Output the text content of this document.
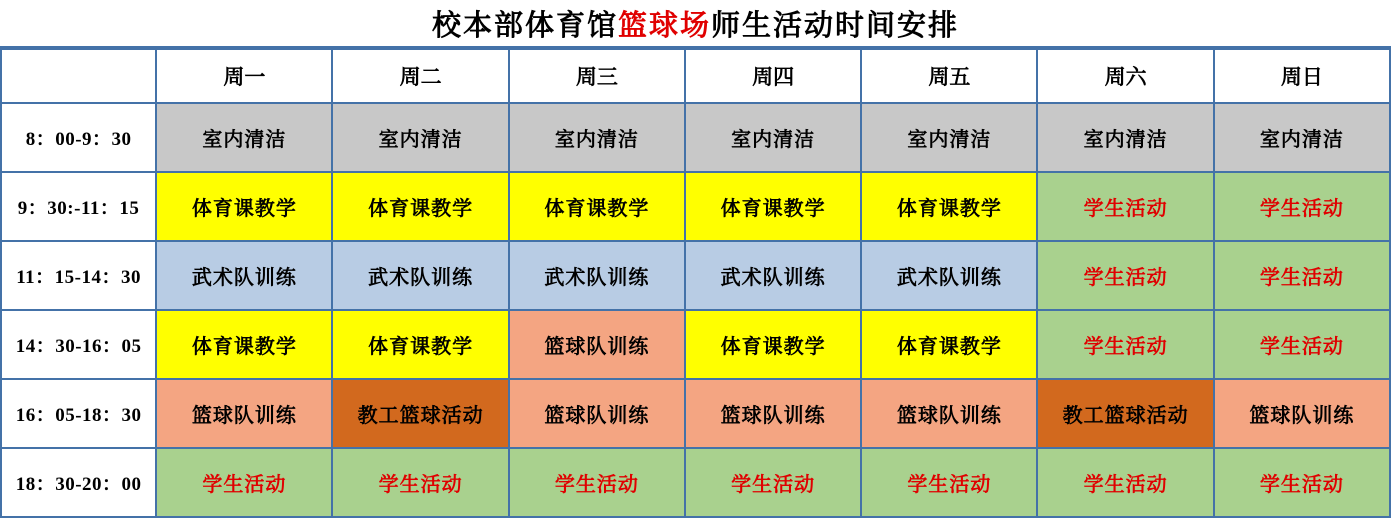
校本部体育馆篮球场师生活动时间安排
	周一	周二	周三	周四	周五	周六	周日
8：00-9：30	室内清洁	室内清洁	室内清洁	室内清洁	室内清洁	室内清洁	室内清洁
9：30:-11：15	体育课教学	体育课教学	体育课教学	体育课教学	体育课教学	学生活动	学生活动
11：15-14：30	武术队训练	武术队训练	武术队训练	武术队训练	武术队训练	学生活动	学生活动
14：30-16：05	体育课教学	体育课教学	篮球队训练	体育课教学	体育课教学	学生活动	学生活动
16：05-18：30	篮球队训练	教工篮球活动	篮球队训练	篮球队训练	篮球队训练	教工篮球活动	篮球队训练
18：30-20：00	学生活动	学生活动	学生活动	学生活动	学生活动	学生活动	学生活动
